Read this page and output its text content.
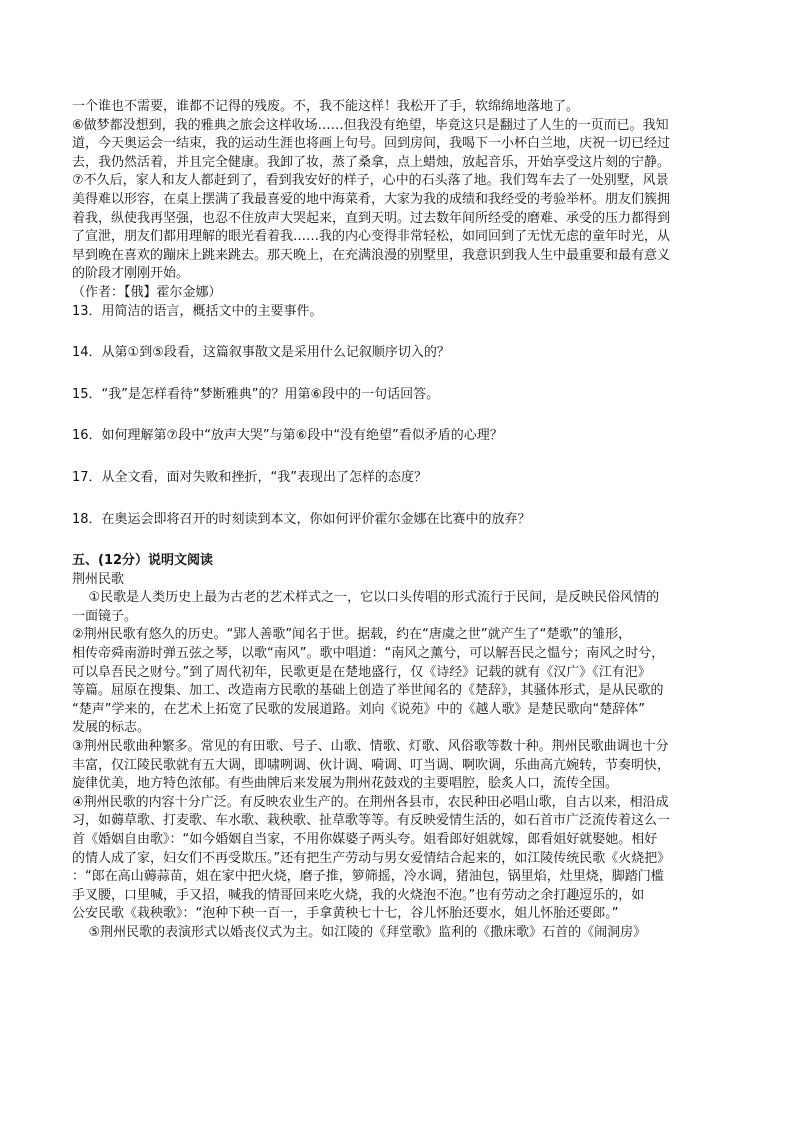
一个谁也不需要，谁都不记得的残废。不，我不能这样！我松开了手，软绵绵地落地了。
⑥做梦都没想到，我的雅典之旅会这样收场……但我没有绝望，毕竟这只是翻过了人生的一页而已。我知
道，今天奥运会一结束，我的运动生涯也将画上句号。回到房间，我喝下一小杯白兰地，庆祝一切已经过
去，我仍然活着，并且完全健康。我卸了妆，蒸了桑拿，点上蜡烛，放起音乐，开始享受这片刻的宁静。
⑦不久后，家人和友人都赶到了，看到我安好的样子，心中的石头落了地。我们驾车去了一处别墅，风景
美得难以形容，在桌上摆满了我最喜爱的地中海菜肴，大家为我的成绩和我经受的考验举杯。朋友们簇拥
着我，纵使我再坚强，也忍不住放声大哭起来，直到天明。过去数年间所经受的磨难、承受的压力都得到
了宣泄，朋友们都用理解的眼光看着我……我的内心变得非常轻松，如同回到了无忧无虑的童年时光，从
早到晚在喜欢的蹦床上跳来跳去。那天晚上，在充满浪漫的别墅里，我意识到我人生中最重要和最有意义
的阶段才刚刚开始。
（作者：【俄】霍尔金娜）
13．用简洁的语言，概括文中的主要事件。
14．从第①到⑤段看，这篇叙事散文是采用什么记叙顺序切入的？
15．“我”是怎样看待“梦断雅典”的？用第⑥段中的一句话回答。
16．如何理解第⑦段中“放声大哭”与第⑥段中“没有绝望”看似矛盾的心理？
17．从全文看，面对失败和挫折，“我”表现出了怎样的态度？
18．在奥运会即将召开的时刻读到本文，你如何评价霍尔金娜在比赛中的放弃？
五、(12分）说明文阅读
荆州民歌
①民歌是人类历史上最为古老的艺术样式之一，它以口头传唱的形式流行于民间，是反映民俗风情的
一面镜子。
②荆州民歌有悠久的历史。“郢人善歌”闻名于世。据载，约在“唐虞之世”就产生了“楚歌”的雏形，
相传帝舜南游时弹五弦之琴，以歌“南风”。歌中唱道：“南风之薰兮，可以解吾民之愠兮；南风之时兮，
可以阜吾民之财兮。”到了周代初年，民歌更是在楚地盛行，仅《诗经》记载的就有《汉广》《江有汜》
等篇。屈原在搜集、加工、改造南方民歌的基础上创造了举世闻名的《楚辞》，其骚体形式，是从民歌的
“楚声”学来的，在艺术上拓宽了民歌的发展道路。刘向《说苑》中的《越人歌》是楚民歌向“楚辞体”
发展的标志。
③荆州民歌曲种繁多。常见的有田歌、号子、山歌、情歌、灯歌、风俗歌等数十种。荆州民歌曲调也十分
丰富，仅江陵民歌就有五大调，即啸咧调、伙计调、嗬调、叮当调、啊吹调，乐曲高亢婉转，节奏明快，
旋律优美，地方特色浓郁。有些曲牌后来发展为荆州花鼓戏的主要唱腔，脍炙人口，流传全国。
④荆州民歌的内容十分广泛。有反映农业生产的。在荆州各县市，农民种田必唱山歌，自古以来，相沿成
习，如薅草歌、打麦歌、车水歌、栽秧歌、扯草歌等等。有反映爱情生活的，如石首市广泛流传着这么一
首《婚姻自由歌》：“如今婚姻自当家，不用你媒婆子两头夸。姐看郎好姐就嫁，郎看姐好就娶她。相好
的情人成了家，妇女们不再受欺压。”还有把生产劳动与男女爱情结合起来的，如江陵传统民歌《火烧把》
：“郎在高山薅蒜苗，姐在家中把火烧，磨子推，箩筛摇，冷水调，猪油包，锅里焰，灶里烧，脚踏门槛
手叉腰，口里喊，手又招，喊我的情哥回来吃火烧，我的火烧泡不泡。”也有劳动之余打趣逗乐的，如
公安民歌《栽秧歌》：“泡种下秧一百一，手拿黄秧七十七，谷儿怀胎还要水，姐儿怀胎还要郎。”
⑤荆州民歌的表演形式以婚丧仪式为主。如江陵的《拜堂歌》监利的《撒床歌》石首的《闹洞房》
